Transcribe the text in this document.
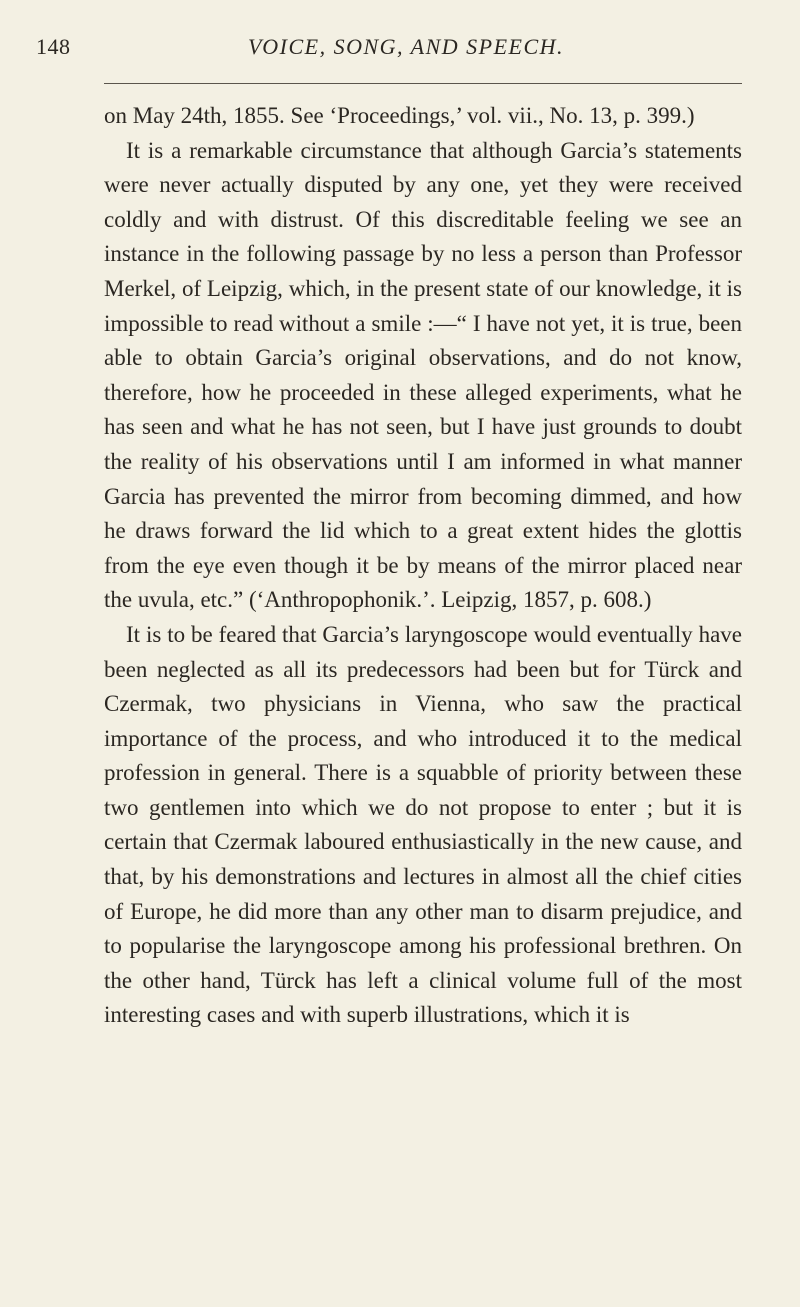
148	VOICE, SONG, AND SPEECH.

on May 24th, 1855. See ‘Proceedings,’ vol. vii., No. 13, p. 399.)

It is a remarkable circumstance that although Garcia’s statements were never actually disputed by any one, yet they were received coldly and with distrust. Of this discreditable feeling we see an instance in the following passage by no less a person than Professor Merkel, of Leipzig, which, in the present state of our knowledge, it is impossible to read without a smile :—“ I have not yet, it is true, been able to obtain Garcia’s original observations, and do not know, therefore, how he proceeded in these alleged experiments, what he has seen and what he has not seen, but I have just grounds to doubt the reality of his observations until I am informed in what manner Garcia has prevented the mirror from becoming dimmed, and how he draws forward the lid which to a great extent hides the glottis from the eye even though it be by means of the mirror placed near the uvula, etc.” (‘Anthropophonik.’. Leipzig, 1857, p. 608.)

It is to be feared that Garcia’s laryngoscope would eventually have been neglected as all its predecessors had been but for Türck and Czermak, two physicians in Vienna, who saw the practical importance of the process, and who introduced it to the medical profession in general. There is a squabble of priority between these two gentlemen into which we do not propose to enter ; but it is certain that Czermak laboured enthusiastically in the new cause, and that, by his demonstrations and lectures in almost all the chief cities of Europe, he did more than any other man to disarm prejudice, and to popularise the laryngoscope among his professional brethren. On the other hand, Türck has left a clinical volume full of the most interesting cases and with superb illustrations, which it is
